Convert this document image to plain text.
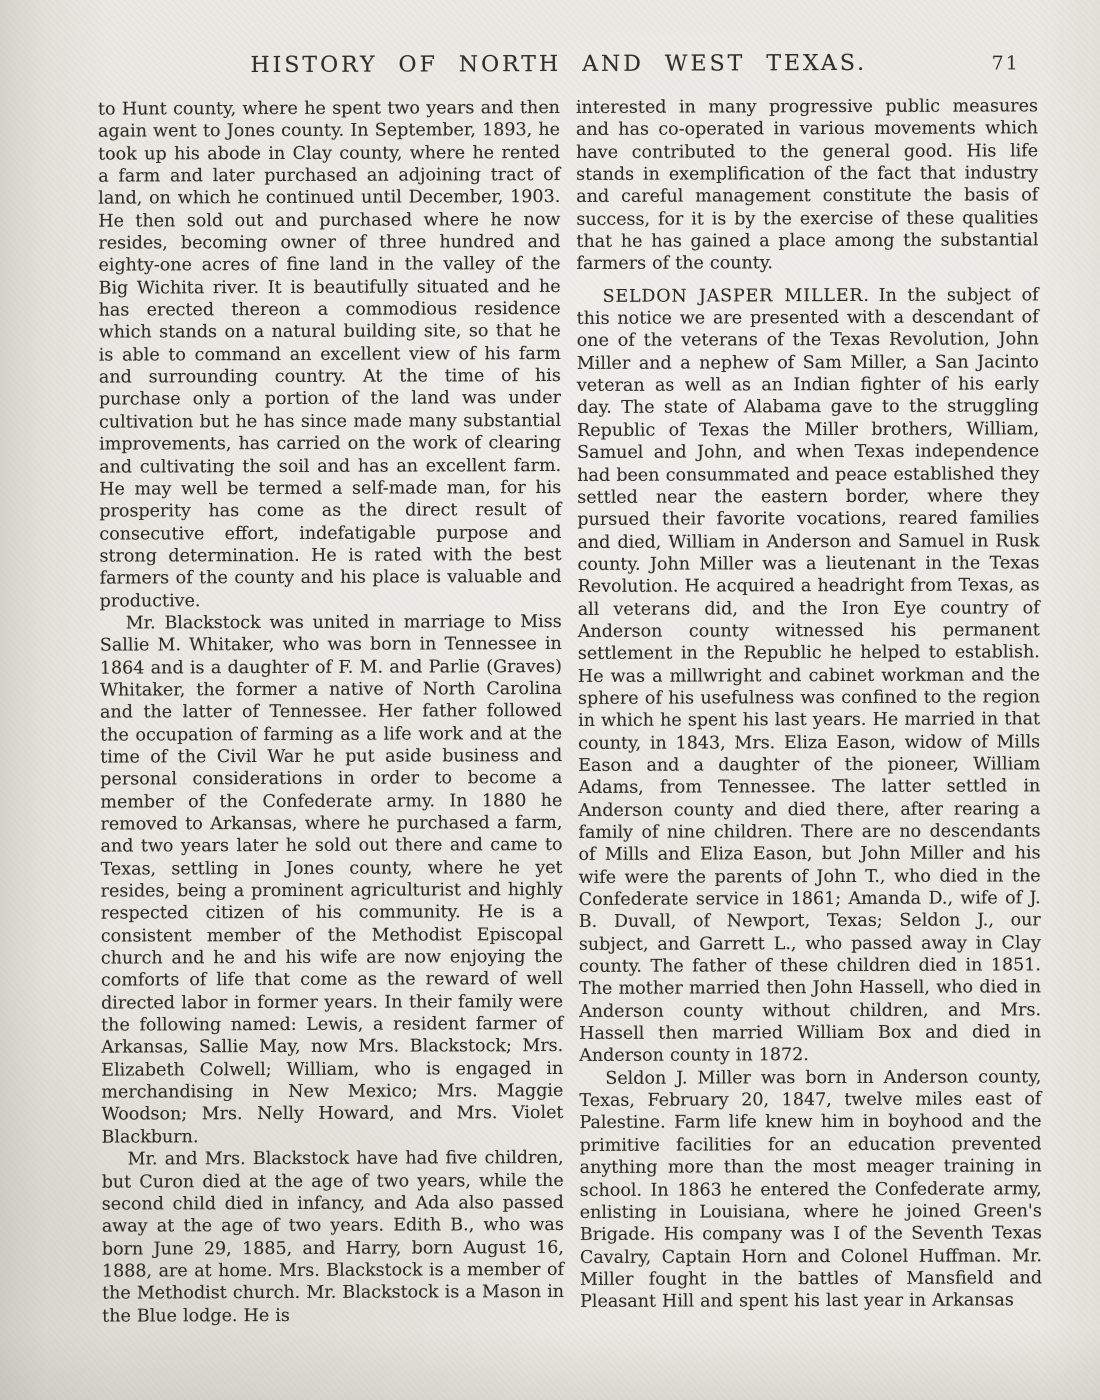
HISTORY OF NORTH AND WEST TEXAS.	71

to Hunt county, where he spent two years and then again went to Jones county. In September, 1893, he took up his abode in Clay county, where he rented a farm and later purchased an adjoining tract of land, on which he continued until December, 1903. He then sold out and purchased where he now resides, becoming owner of three hundred and eighty-one acres of fine land in the valley of the Big Wichita river. It is beautifully situated and he has erected thereon a commodious residence which stands on a natural building site, so that he is able to command an excellent view of his farm and surrounding country. At the time of his purchase only a portion of the land was under cultivation but he has since made many substantial improvements, has carried on the work of clearing and cultivating the soil and has an excellent farm. He may well be termed a self-made man, for his prosperity has come as the direct result of consecutive effort, indefatigable purpose and strong determination. He is rated with the best farmers of the county and his place is valuable and productive.

Mr. Blackstock was united in marriage to Miss Sallie M. Whitaker, who was born in Tennessee in 1864 and is a daughter of F. M. and Parlie (Graves) Whitaker, the former a native of North Carolina and the latter of Tennessee. Her father followed the occupation of farming as a life work and at the time of the Civil War he put aside business and personal considerations in order to become a member of the Confederate army. In 1880 he removed to Arkansas, where he purchased a farm, and two years later he sold out there and came to Texas, settling in Jones county, where he yet resides, being a prominent agriculturist and highly respected citizen of his community. He is a consistent member of the Methodist Episcopal church and he and his wife are now enjoying the comforts of life that come as the reward of well directed labor in former years. In their family were the following named: Lewis, a resident farmer of Arkansas, Sallie May, now Mrs. Blackstock; Mrs. Elizabeth Colwell; William, who is engaged in merchandising in New Mexico; Mrs. Maggie Woodson; Mrs. Nelly Howard, and Mrs. Violet Blackburn.

Mr. and Mrs. Blackstock have had five children, but Curon died at the age of two years, while the second child died in infancy, and Ada also passed away at the age of two years. Edith B., who was born June 29, 1885, and Harry, born August 16, 1888, are at home. Mrs. Blackstock is a member of the Methodist church. Mr. Blackstock is a Mason in the Blue lodge. He is

interested in many progressive public measures and has co-operated in various movements which have contributed to the general good. His life stands in exemplification of the fact that industry and careful management constitute the basis of success, for it is by the exercise of these qualities that he has gained a place among the substantial farmers of the county.

SELDON JASPER MILLER. In the subject of this notice we are presented with a descendant of one of the veterans of the Texas Revolution, John Miller and a nephew of Sam Miller, a San Jacinto veteran as well as an Indian fighter of his early day. The state of Alabama gave to the struggling Republic of Texas the Miller brothers, William, Samuel and John, and when Texas independence had been consummated and peace established they settled near the eastern border, where they pursued their favorite vocations, reared families and died, William in Anderson and Samuel in Rusk county. John Miller was a lieutenant in the Texas Revolution. He acquired a headright from Texas, as all veterans did, and the Iron Eye country of Anderson county witnessed his permanent settlement in the Republic he helped to establish. He was a millwright and cabinet workman and the sphere of his usefulness was confined to the region in which he spent his last years. He married in that county, in 1843, Mrs. Eliza Eason, widow of Mills Eason and a daughter of the pioneer, William Adams, from Tennessee. The latter settled in Anderson county and died there, after rearing a family of nine children. There are no descendants of Mills and Eliza Eason, but John Miller and his wife were the parents of John T., who died in the Confederate service in 1861; Amanda D., wife of J. B. Duvall, of Newport, Texas; Seldon J., our subject, and Garrett L., who passed away in Clay county. The father of these children died in 1851. The mother married then John Hassell, who died in Anderson county without children, and Mrs. Hassell then married William Box and died in Anderson county in 1872.

Seldon J. Miller was born in Anderson county, Texas, February 20, 1847, twelve miles east of Palestine. Farm life knew him in boyhood and the primitive facilities for an education prevented anything more than the most meager training in school. In 1863 he entered the Confederate army, enlisting in Louisiana, where he joined Green's Brigade. His company was I of the Seventh Texas Cavalry, Captain Horn and Colonel Huffman. Mr. Miller fought in the battles of Mansfield and Pleasant Hill and spent his last year in Arkansas
